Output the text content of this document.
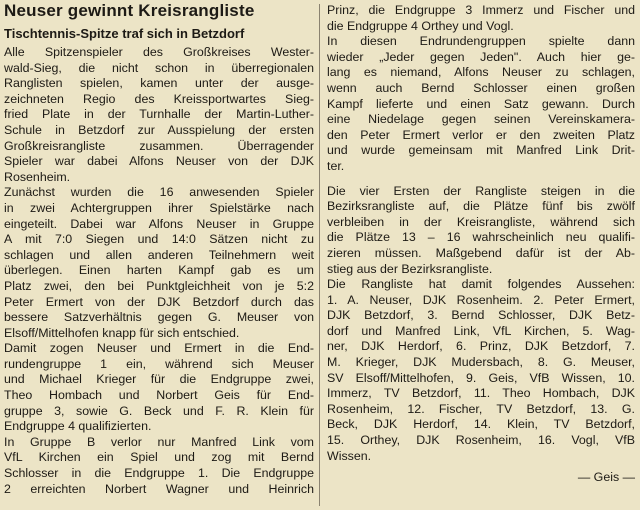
Neuser gewinnt Kreisrangliste
Tischtennis-Spitze traf sich in Betzdorf
Alle Spitzenspieler des Großkreises Wester-
wald-Sieg, die nicht schon in überregionalen
Ranglisten spielen, kamen unter der ausge-
zeichneten Regio des Kreissportwartes Sieg-
fried Plate in der Turnhalle der Martin-Luther-
Schule in Betzdorf zur Ausspielung der ersten
Großkreisrangliste zusammen. Überragender
Spieler war dabei Alfons Neuser von der DJK
Rosenheim.
Zunächst wurden die 16 anwesenden Spieler
in zwei Achtergruppen ihrer Spielstärke nach
eingeteilt. Dabei war Alfons Neuser in Gruppe
A mit 7:0 Siegen und 14:0 Sätzen nicht zu
schlagen und allen anderen Teilnehmern weit
überlegen. Einen harten Kampf gab es um
Platz zwei, den bei Punktgleichheit von je 5:2
Peter Ermert von der DJK Betzdorf durch das
bessere Satzverhältnis gegen G. Meuser von
Elsoff/Mittelhofen knapp für sich entschied.
Damit zogen Neuser und Ermert in die End-
rundengruppe 1 ein, während sich Meuser
und Michael Krieger für die Endgruppe zwei,
Theo Hombach und Norbert Geis für End-
gruppe 3, sowie G. Beck und F. R. Klein für
Endgruppe 4 qualifizierten.
In Gruppe B verlor nur Manfred Link vom
VfL Kirchen ein Spiel und zog mit Bernd
Schlosser in die Endgruppe 1. Die Endgruppe
2 erreichten Norbert Wagner und Heinrich
Prinz, die Endgruppe 3 Immerz und Fischer und
die Endgruppe 4 Orthey und Vogl.
In diesen Endrundengruppen spielte dann
wieder „Jeder gegen Jeden". Auch hier ge-
lang es niemand, Alfons Neuser zu schlagen,
wenn auch Bernd Schlosser einen großen
Kampf lieferte und einen Satz gewann. Durch
eine Niedelage gegen seinen Vereinskamera-
den Peter Ermert verlor er den zweiten Platz
und wurde gemeinsam mit Manfred Link Drit-
ter.
Die vier Ersten der Rangliste steigen in die
Bezirksrangliste auf, die Plätze fünf bis zwölf
verbleiben in der Kreisrangliste, während sich
die Plätze 13 – 16 wahrscheinlich neu qualifi-
zieren müssen. Maßgebend dafür ist der Ab-
stieg aus der Bezirksrangliste.
Die Rangliste hat damit folgendes Aussehen:
1. A. Neuser, DJK Rosenheim. 2. Peter Ermert,
DJK Betzdorf, 3. Bernd Schlosser, DJK Betz-
dorf und Manfred Link, VfL Kirchen, 5. Wag-
ner, DJK Herdorf, 6. Prinz, DJK Betzdorf, 7.
M. Krieger, DJK Mudersbach, 8. G. Meuser,
SV Elsoff/Mittelhofen, 9. Geis, VfB Wissen, 10.
Immerz, TV Betzdorf, 11. Theo Hombach, DJK
Rosenheim, 12. Fischer, TV Betzdorf, 13. G.
Beck, DJK Herdorf, 14. Klein, TV Betzdorf,
15. Orthey, DJK Rosenheim, 16. Vogl, VfB
Wissen.
— Geis —
